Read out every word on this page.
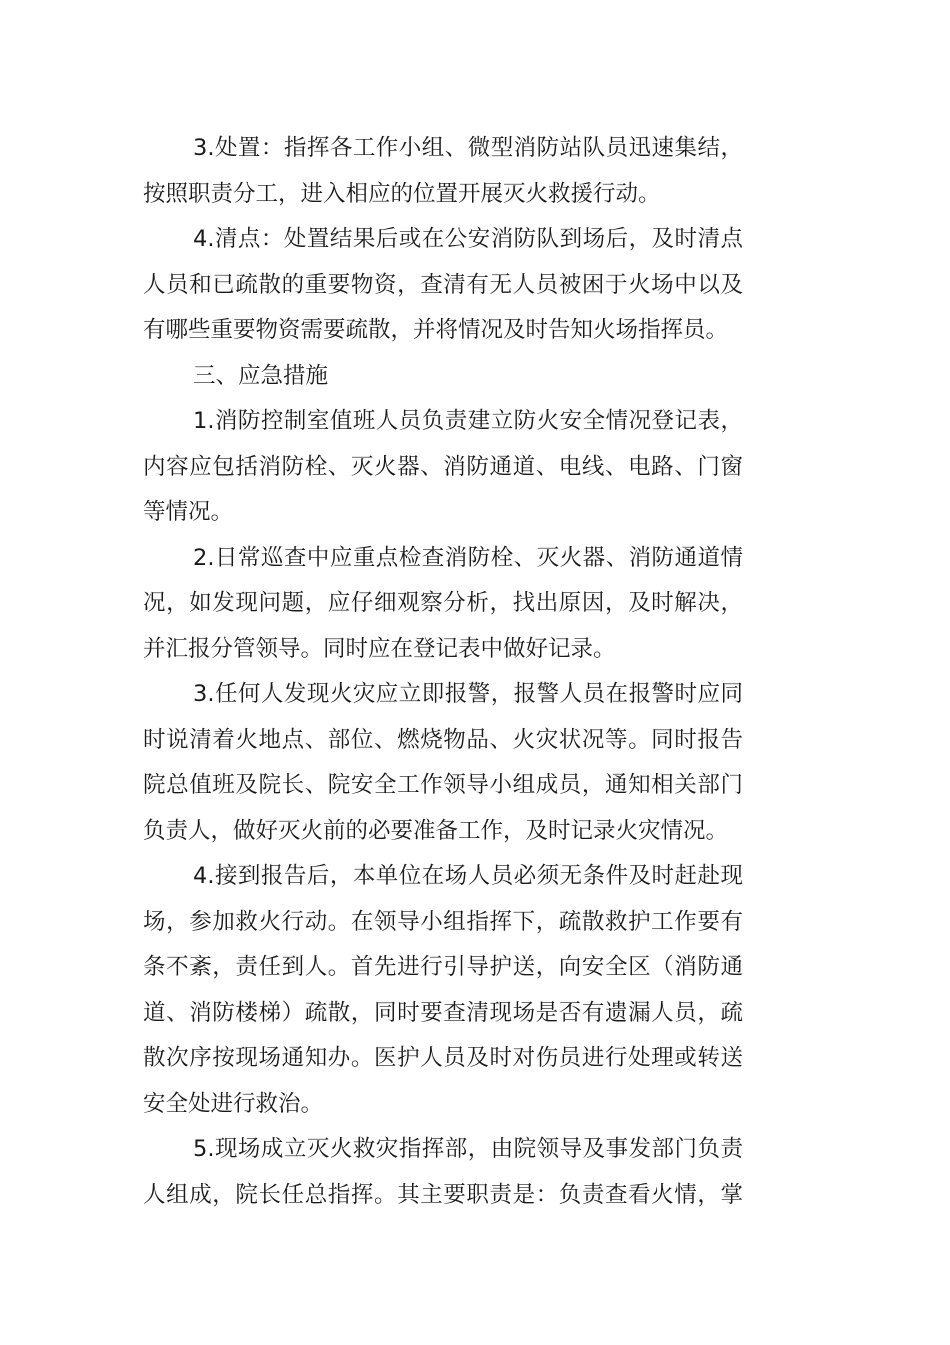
3.处置：指挥各工作小组、微型消防站队员迅速集结，
按照职责分工，进入相应的位置开展灭火救援行动。

4.清点：处置结果后或在公安消防队到场后，及时清点
人员和已疏散的重要物资，查清有无人员被困于火场中以及
有哪些重要物资需要疏散，并将情况及时告知火场指挥员。

三、应急措施

1.消防控制室值班人员负责建立防火安全情况登记表，
内容应包括消防栓、灭火器、消防通道、电线、电路、门窗
等情况。

2.日常巡查中应重点检查消防栓、灭火器、消防通道情
况，如发现问题，应仔细观察分析，找出原因，及时解决，
并汇报分管领导。同时应在登记表中做好记录。

3.任何人发现火灾应立即报警，报警人员在报警时应同
时说清着火地点、部位、燃烧物品、火灾状况等。同时报告
院总值班及院长、院安全工作领导小组成员，通知相关部门
负责人，做好灭火前的必要准备工作，及时记录火灾情况。

4.接到报告后，本单位在场人员必须无条件及时赶赴现
场，参加救火行动。在领导小组指挥下，疏散救护工作要有
条不紊，责任到人。首先进行引导护送，向安全区（消防通
道、消防楼梯）疏散，同时要查清现场是否有遗漏人员，疏
散次序按现场通知办。医护人员及时对伤员进行处理或转送
安全处进行救治。

5.现场成立灭火救灾指挥部，由院领导及事发部门负责
人组成，院长任总指挥。其主要职责是：负责查看火情，掌
